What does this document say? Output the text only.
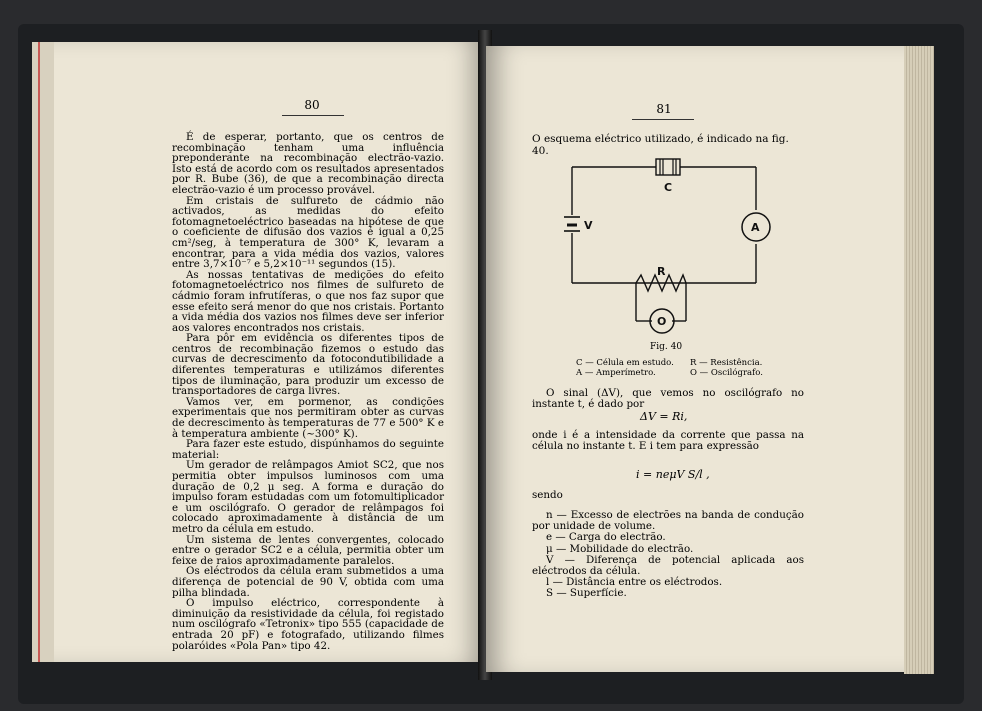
80

É de esperar, portanto, que os centros de recombinação tenham uma influência preponderante na recombinação electrão-vazio. Isto está de acordo com os resultados apresentados por R. Bube (36), de que a recombinação directa electrão-vazio é um processo provável.

Em cristais de sulfureto de cádmio não activados, as medidas do efeito fotomagnetoeléctrico baseadas na hipótese de que o coeficiente de difusão dos vazios é igual a 0,25 cm²/seg, à temperatura de 300° K, levaram a encontrar, para a vida média dos vazios, valores entre 3,7×10⁻⁷ e 5,2×10⁻¹¹ segundos (15).

As nossas tentativas de medições do efeito fotomagnetoeléctrico nos filmes de sulfureto de cádmio foram infrutíferas, o que nos faz supor que esse efeito será menor do que nos cristais. Portanto a vida média dos vazios nos filmes deve ser inferior aos valores encontrados nos cristais.

Para pôr em evidência os diferentes tipos de centros de recombinação fizemos o estudo das curvas de decrescimento da fotocondutibilidade a diferentes temperaturas e utilizámos diferentes tipos de iluminação, para produzir um excesso de transportadores de carga livres.

Vamos ver, em pormenor, as condições experimentais que nos permitiram obter as curvas de decrescimento às temperaturas de 77 e 500° K e à temperatura ambiente (∼300° K).

Para fazer este estudo, dispúnhamos do seguinte material:

Um gerador de relâmpagos Amiot SC2, que nos permitia obter impulsos luminosos com uma duração de 0,2 μ seg. A forma e duração do impulso foram estudadas com um fotomultiplicador e um oscilógrafo. O gerador de relâmpagos foi colocado aproximadamente à distância de um metro da célula em estudo.

Um sistema de lentes convergentes, colocado entre o gerador SC2 e a célula, permitia obter um feixe de raios aproximadamente paralelos.

Os eléctrodos da célula eram submetidos a uma diferença de potencial de 90 V, obtida com uma pilha blindada.

O impulso eléctrico, correspondente à diminuição da resistividade da célula, foi registado num oscilógrafo «Tetronix» tipo 555 (capacidade de entrada 20 pF) e fotografado, utilizando filmes polaróides «Pola Pan» tipo 42.

81
O esquema eléctrico utilizado, é indicado na fig. 40.
C
V	A
R
O
Fig. 40
C — Célula em estudo.
A — Amperímetro.
R — Resistência.
O — Oscilógrafo.

O sinal (ΔV), que vemos no oscilógrafo no instante t, é dado por

ΔV = Ri,

onde i é a intensidade da corrente que passa na célula no instante t. E i tem para expressão

i = neμV S/l ,

sendo

n — Excesso de electrões na banda de condução por unidade de volume.

e — Carga do electrão.

μ — Mobilidade do electrão.

V — Diferença de potencial aplicada aos eléctrodos da célula.

l — Distância entre os eléctrodos.

S — Superfície.
